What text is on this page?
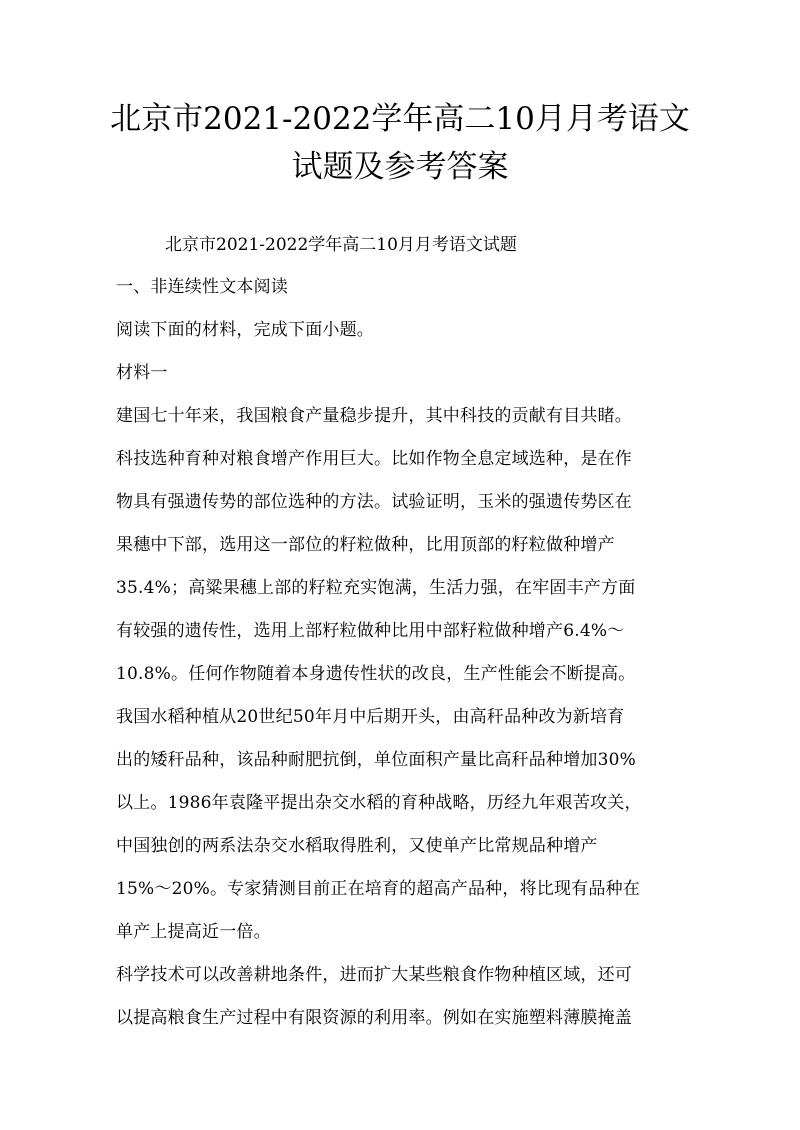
北京市2021-2022学年高二10月月考语文
试题及参考答案
北京市2021-2022学年高二10月月考语文试题
一、非连续性文本阅读
阅读下面的材料，完成下面小题。
材料一
建国七十年来，我国粮食产量稳步提升，其中科技的贡献有目共睹。
科技选种育种对粮食增产作用巨大。比如作物全息定域选种，是在作
物具有强遗传势的部位选种的方法。试验证明，玉米的强遗传势区在
果穗中下部，选用这一部位的籽粒做种，比用顶部的籽粒做种增产
35.4%；高粱果穗上部的籽粒充实饱满，生活力强，在牢固丰产方面
有较强的遗传性，选用上部籽粒做种比用中部籽粒做种增产6.4%～
10.8%。任何作物随着本身遗传性状的改良，生产性能会不断提高。
我国水稻种植从20世纪50年月中后期开头，由高秆品种改为新培育
出的矮秆品种，该品种耐肥抗倒，单位面积产量比高秆品种增加30%
以上。1986年袁隆平提出杂交水稻的育种战略，历经九年艰苦攻关，
中国独创的两系法杂交水稻取得胜利，又使单产比常规品种增产
15%～20%。专家猜测目前正在培育的超高产品种，将比现有品种在
单产上提高近一倍。
科学技术可以改善耕地条件，进而扩大某些粮食作物种植区域，还可
以提高粮食生产过程中有限资源的利用率。例如在实施塑料薄膜掩盖
